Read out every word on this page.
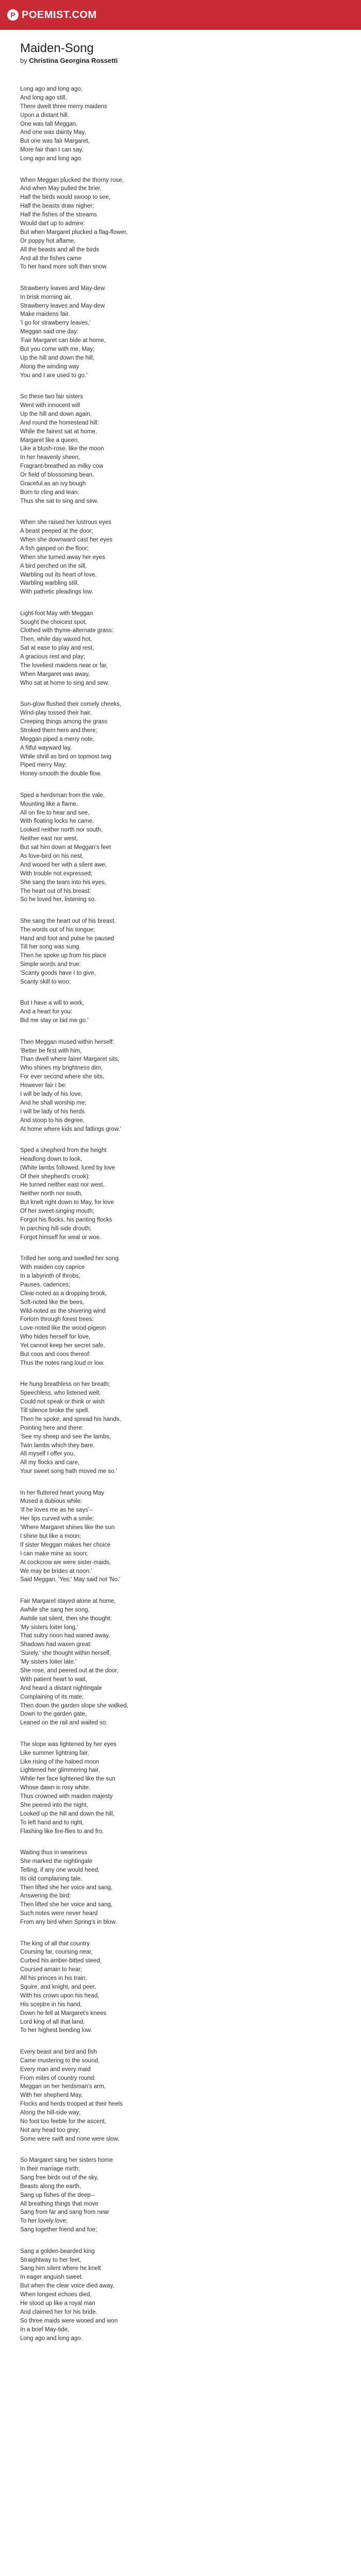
P POEMIST.COM
Maiden-Song
by Christina Georgina Rossetti
Long ago and long ago,
And long ago still,
There dwelt three merry maidens
Upon a distant hill.
One was tall Meggan,
And one was dainty May,
But one was fair Margaret,
More fair than I can say,
Long ago and long ago.
When Meggan plucked the thorny rose,
And when May pulled the brier,
Half the birds would swoop to see,
Half the beasts draw nigher;
Half the fishes of the streams
Would dart up to admire:
But when Margaret plucked a flag-flower,
Or poppy hot aflame,
All the beasts and all the birds
And all the fishes came
To her hand more soft than snow.
Strawberry leaves and May-dew
In brisk morning air,
Strawberry leaves and May-dew
Make maidens fair.
'I go for strawberry leaves,'
Meggan said one day:
'Fair Margaret can bide at home,
But you come with me, May;
Up the hill and down the hill,
Along the winding way
You and I are used to go.'
So these two fair sisters
Went with innocent will
Up the hill and down again,
And round the homestead hill:
While the fairest sat at home,
Margaret like a queen,
Like a blush-rose, like the moon
In her heavenly sheen,
Fragrant-breathed as milky cow
Or field of blossoming bean,
Graceful as an ivy bough
Born to cling and lean;
Thus she sat to sing and sew.
When she raised her lustrous eyes
A beast peeped at the door;
When she downward cast her eyes
A fish gasped on the floor;
When she turned away her eyes
A bird perched on the sill,
Warbling out its heart of love,
Warbling warbling still,
With pathetic pleadings low.
Light-foot May with Meggan
Sought the choicest spot,
Clothed with thyme-alternate grass:
Then, while day waxed hot,
Sat at ease to play and rest,
A gracious rest and play;
The loveliest maidens near or far,
When Margaret was away,
Who sat at home to sing and sew.
Sun-glow flushed their comely cheeks,
Wind-play tossed their hair,
Creeping things among the grass
Stroked them here and there;
Meggan piped a merry note,
A fitful wayward lay,
While shrill as bird on topmost twig
Piped merry May;
Honey-smooth the double flow.
Sped a herdsman from the vale,
Mounting like a flame,
All on fire to hear and see,
With floating locks he came.
Looked neither north nor south,
Neither east nor west,
But sat him down at Meggan's feet
As love-bird on his nest,
And wooed her with a silent awe,
With trouble not expressed;
She sang the tears into his eyes,
The heart out of his breast:
So he loved her, listening so.
She sang the heart out of his breast,
The words out of his tongue;
Hand and foot and pulse he paused
Till her song was sung.
Then he spoke up from his place
Simple words and true:
'Scanty goods have I to give,
Scanty skill to woo;
But I have a will to work,
And a heart for you:
Bid me stay or bid me go.'
Then Meggan mused within herself:
'Better be first with him,
Than dwell where fairer Margaret sits,
Who shines my brightness dim,
For ever second where she sits,
However fair I be:
I will be lady of his love,
And he shall worship me;
I will be lady of his herds
And stoop to his degree,
At home where kids and fatlings grow.'
Sped a shepherd from the height
Headlong down to look,
(White lambs followed, lured by love
Of their shepherd's crook):
He turned neither east nor west,
Neither north nor south,
But knelt right down to May, for love
Of her sweet-singing mouth;
Forgot his flocks, his panting flocks
In parching hill-side drouth;
Forgot himself for weal or woe.
Trilled her song and swelled her song
With maiden coy caprice
In a labyrinth of throbs,
Pauses, cadences;
Clear-noted as a dropping brook,
Soft-noted like the bees,
Wild-noted as the shivering wind
Forlorn through forest trees:
Love-noted like the wood-pigeon
Who hides herself for love,
Yet cannot keep her secret safe,
But coos and coos thereof:
Thus the notes rang loud or low.
He hung breathless on her breath;
Speechless, who listened well;
Could not speak or think or wish
Till silence broke the spell.
Then he spoke, and spread his hands,
Pointing here and there:
'See my sheep and see the lambs,
Twin lambs which they bare.
All myself I offer you,
All my flocks and care,
Your sweet song hath moved me so.'
In her fluttered heart young May
Mused a dubious while:
'If he loves me as he says'--
Her lips curved with a smile:
'Where Margaret shines like the sun
I shine but like a moon;
If sister Meggan makes her choice
I can make mine as soon;
At cockcrow we were sister-maids,
We may be brides at noon.'
Said Meggan, 'Yes;' May said not 'No.'
Fair Margaret stayed alone at home,
Awhile she sang her song,
Awhile sat silent, then she thought:
'My sisters loiter long.'
That sultry noon had waned away,
Shadows had waxen great:
'Surely,' she thought within herself,
'My sisters loiter late.'
She rose, and peered out at the door,
With patient heart to wait,
And heard a distant nightingale
Complaining of its mate;
Then down the garden slope she walked,
Down to the garden gate,
Leaned on the rail and waited so.
The slope was lightened by her eyes
Like summer lightning fair,
Like rising of the haloed moon
Lightened her glimmering hair,
While her face lightened like the sun
Whose dawn is rosy white.
Thus crowned with maiden majesty
She peered into the night,
Looked up the hill and down the hill,
To left hand and to right,
Flashing like fire-flies to and fro.
Waiting thus in weariness
She marked the nightingale
Telling, if any one would heed,
Its old complaining tale.
Then lifted she her voice and sang,
Answering the bird:
Then lifted she her voice and sang,
Such notes were never heard
From any bird when Spring's in blow.
The king of all that country
Coursing far, coursing near,
Curbed his amber-bitted steed,
Coursed amain to hear;
All his princes in his train,
Squire, and knight, and peer,
With his crown upon his head,
His sceptre in his hand,
Down he fell at Margaret's knees
Lord king of all that land,
To her highest bending low.
Every beast and bird and fish
Came mustering to the sound,
Every man and every maid
From miles of country round:
Meggan on her herdsman's arm,
With her shepherd May,
Flocks and herds trooped at their heels
Along the hill-side way;
No foot too feeble for the ascent,
Not any head too grey;
Some were swift and none were slow.
So Margaret sang her sisters home
In their marriage mirth;
Sang free birds out of the sky,
Beasts along the earth,
Sang up fishes of the deep--
All breathing things that move
Sang from far and sang from near
To her lovely love;
Sang together friend and foe;
Sang a golden-bearded king
Straightway to her feet,
Sang him silent where he knelt
In eager anguish sweet.
But when the clear voice died away,
When longest echoes died,
He stood up like a royal man
And claimed her for his bride.
So three maids were wooed and won
In a brief May-tide,
Long ago and long ago.
